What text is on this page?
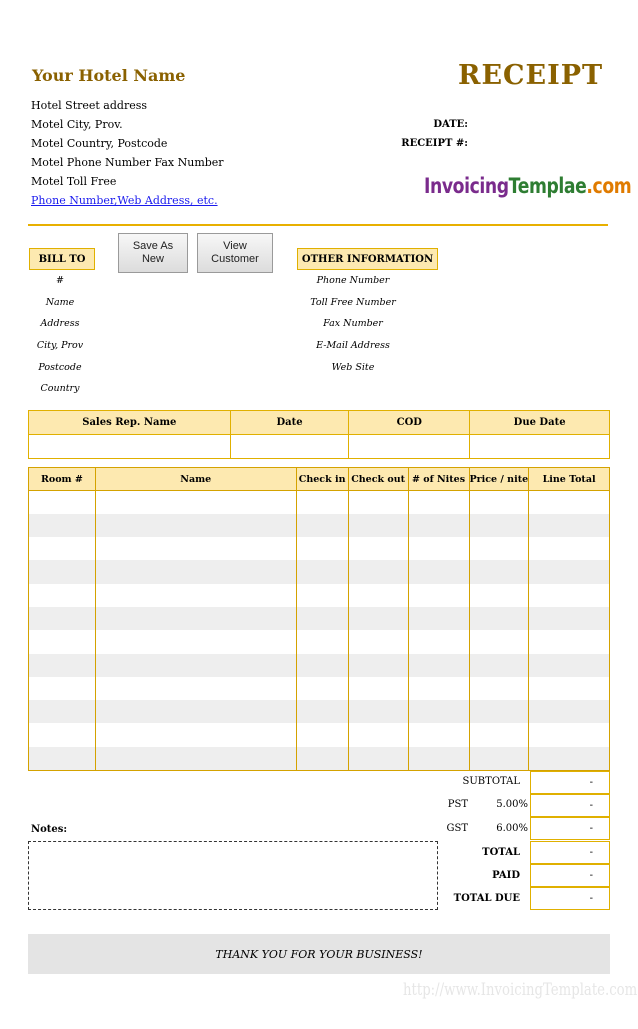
Your Hotel Name	RECEIPT
Hotel Street address
Motel City, Prov.
Motel Country, Postcode
Motel Phone Number Fax Number
Motel Toll Free
Phone Number,Web Address, etc.
DATE:
RECEIPT #:
InvoicingTemplae.com
BILL TO
#
Name
Address
City, Prov
Postcode
Country
Save As
New
View
Customer	OTHER INFORMATION
Phone Number
Toll Free Number
Fax Number
E-Mail Address
Web Site
Sales Rep. Name	Date	COD	Due Date

Room #	Name	Check in	Check out	# of Nites	Price / nite	Line Total

SUBTOTAL	-
PST	5.00%	-
GST	6.00%	-
TOTAL	-
PAID	-
TOTAL DUE	-
Notes:
THANK YOU FOR YOUR BUSINESS!
http://www.InvoicingTemplate.com
